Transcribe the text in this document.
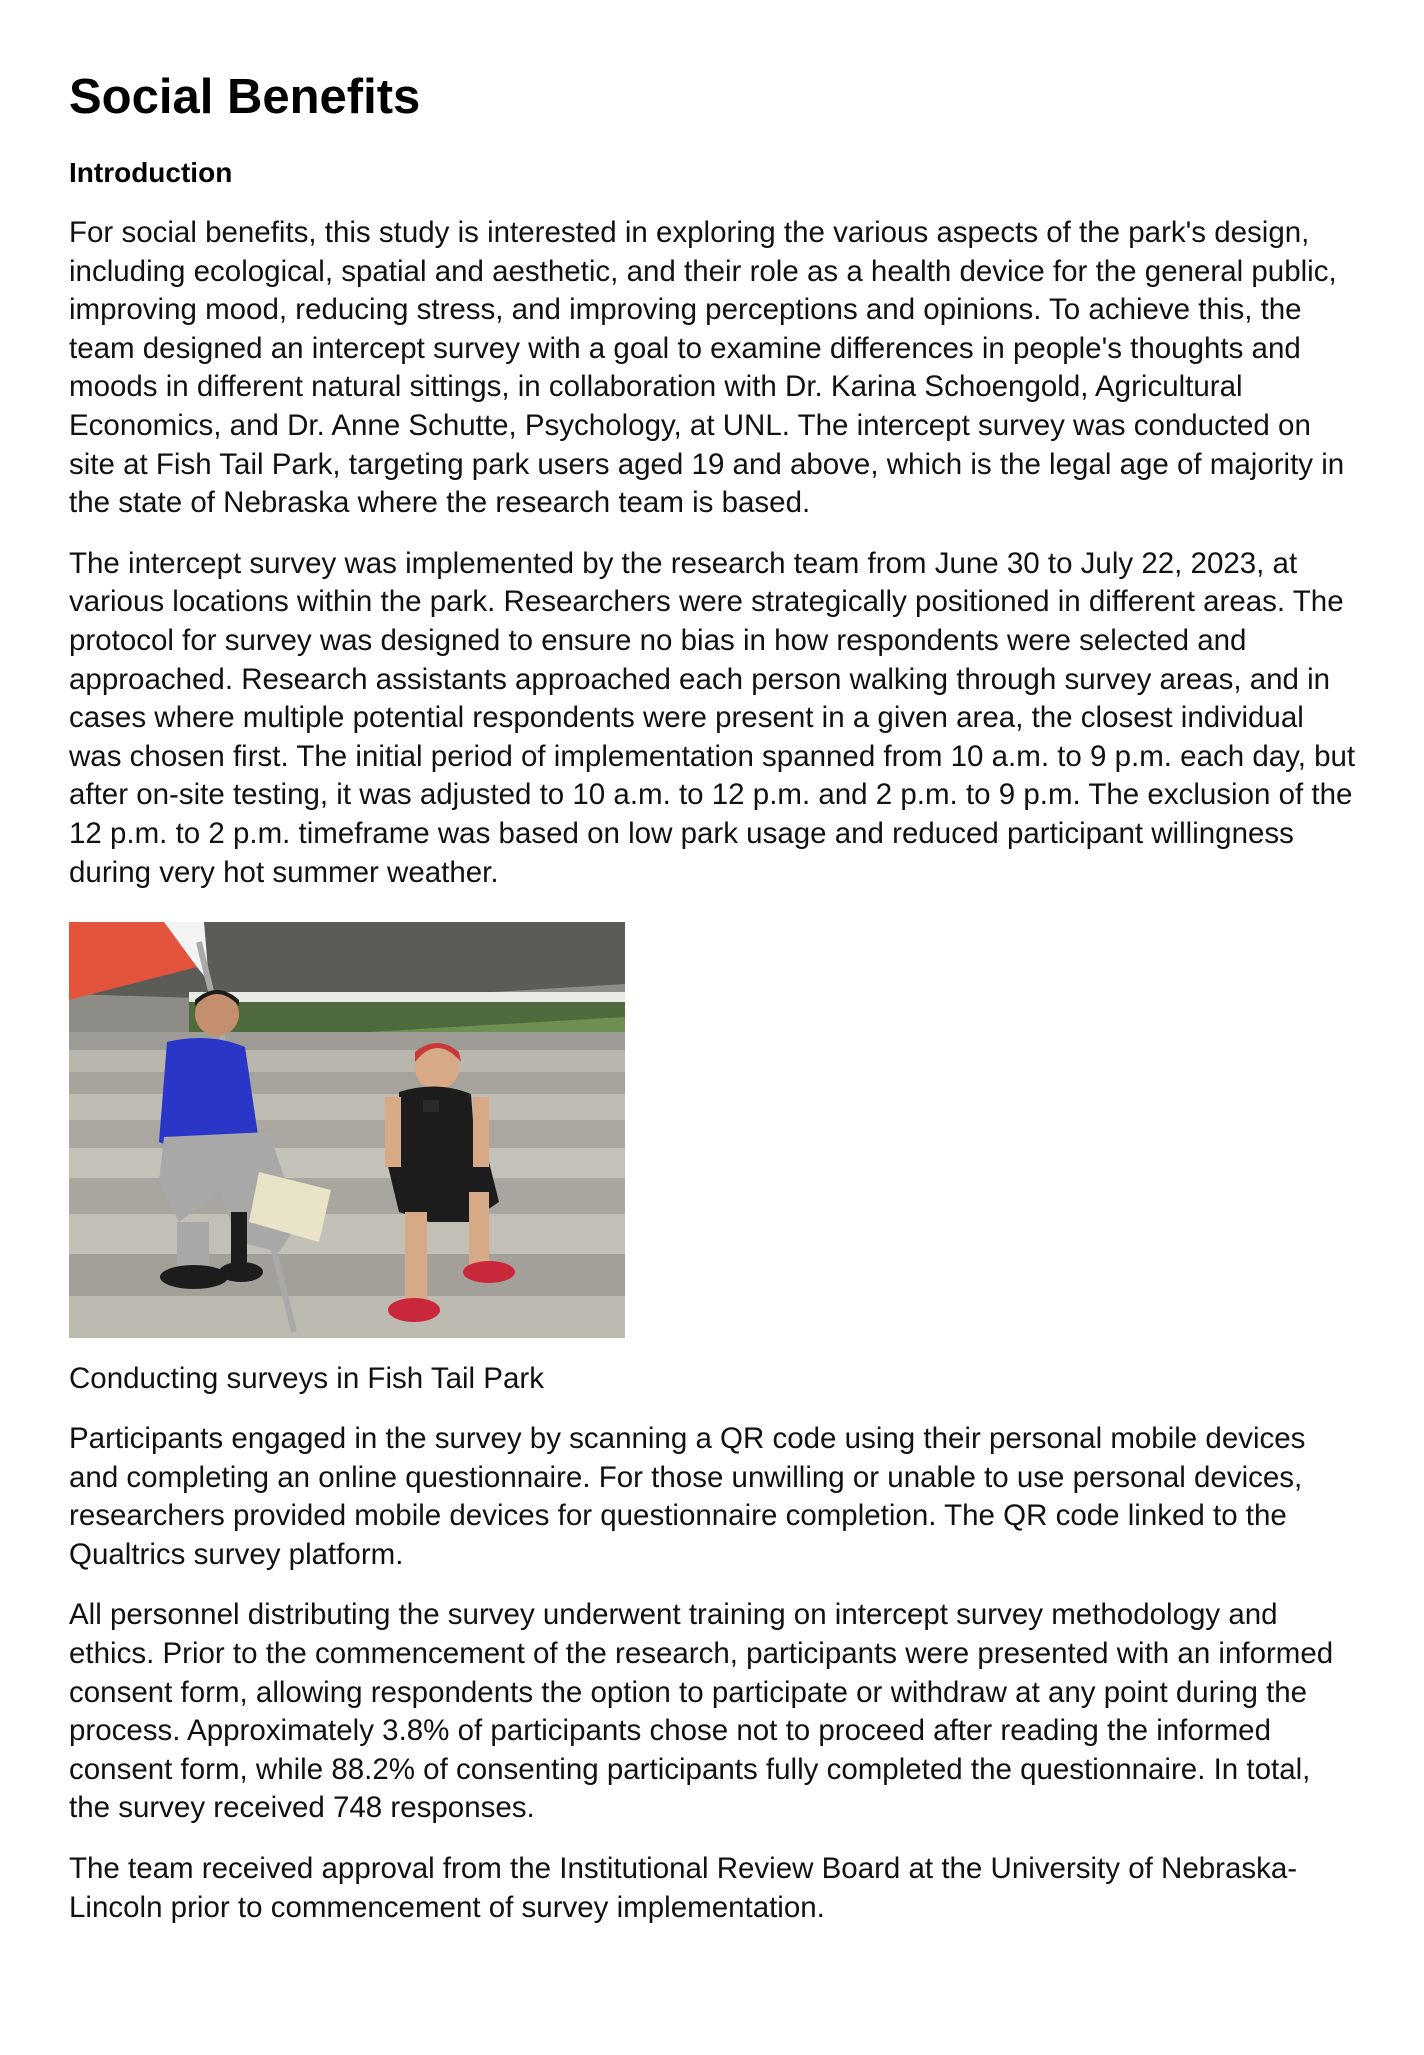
Social Benefits
Introduction

For social benefits, this study is interested in exploring the various aspects of the park's design, including ecological, spatial and aesthetic, and their role as a health device for the general public, improving mood, reducing stress, and improving perceptions and opinions. To achieve this, the team designed an intercept survey with a goal to examine differences in people's thoughts and moods in different natural sittings, in collaboration with Dr. Karina Schoengold, Agricultural Economics, and Dr. Anne Schutte, Psychology, at UNL. The intercept survey was conducted on site at Fish Tail Park, targeting park users aged 19 and above, which is the legal age of majority in the state of Nebraska where the research team is based.

The intercept survey was implemented by the research team from June 30 to July 22, 2023, at various locations within the park. Researchers were strategically positioned in different areas. The protocol for survey was designed to ensure no bias in how respondents were selected and approached. Research assistants approached each person walking through survey areas, and in cases where multiple potential respondents were present in a given area, the closest individual was chosen first. The initial period of implementation spanned from 10 a.m. to 9 p.m. each day, but after on-site testing, it was adjusted to 10 a.m. to 12 p.m. and 2 p.m. to 9 p.m. The exclusion of the 12 p.m. to 2 p.m. timeframe was based on low park usage and reduced participant willingness during very hot summer weather.

Conducting surveys in Fish Tail Park

Participants engaged in the survey by scanning a QR code using their personal mobile devices and completing an online questionnaire. For those unwilling or unable to use personal devices, researchers provided mobile devices for questionnaire completion. The QR code linked to the Qualtrics survey platform.

All personnel distributing the survey underwent training on intercept survey methodology and ethics. Prior to the commencement of the research, participants were presented with an informed consent form, allowing respondents the option to participate or withdraw at any point during the process. Approximately 3.8% of participants chose not to proceed after reading the informed consent form, while 88.2% of consenting participants fully completed the questionnaire. In total, the survey received 748 responses.

The team received approval from the Institutional Review Board at the University of Nebraska-Lincoln prior to commencement of survey implementation.
